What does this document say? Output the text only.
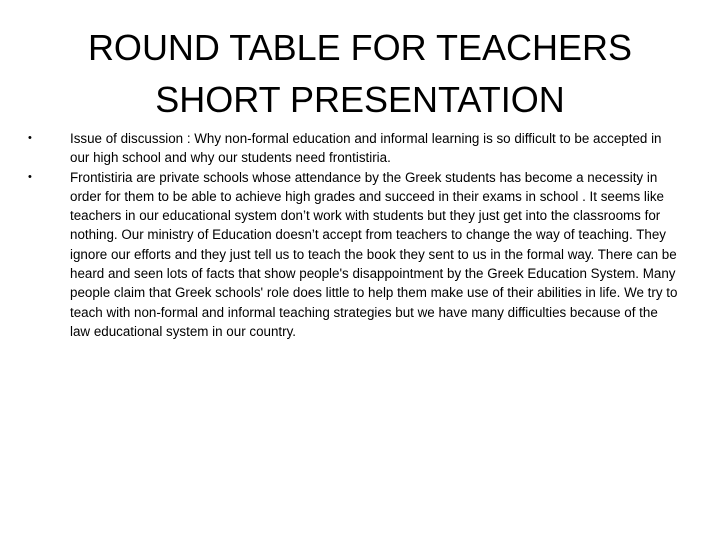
ROUND TABLE FOR TEACHERS
SHORT PRESENTATION
•	Issue of discussion : Why non-formal education and informal learning is so difficult to be accepted in our high school and why our students need frontistiria.
•	Frontistiria are private schools whose attendance by the Greek students has become a necessity in order for them to be able to achieve high grades and succeed in their exams in school . It seems like teachers in our educational system don’t work with students but they just get into the classrooms for nothing. Our ministry of Education doesn’t accept from teachers to change the way of teaching. They ignore our efforts and they just tell us to teach the book they sent to us in the formal way. There can be heard and seen lots of facts that show people's disappointment by the Greek Education System. Many people claim that Greek schools' role does little to help them make use of their abilities in life. We try to teach with non-formal and informal teaching strategies but we have many difficulties because of the law educational system in our country.
